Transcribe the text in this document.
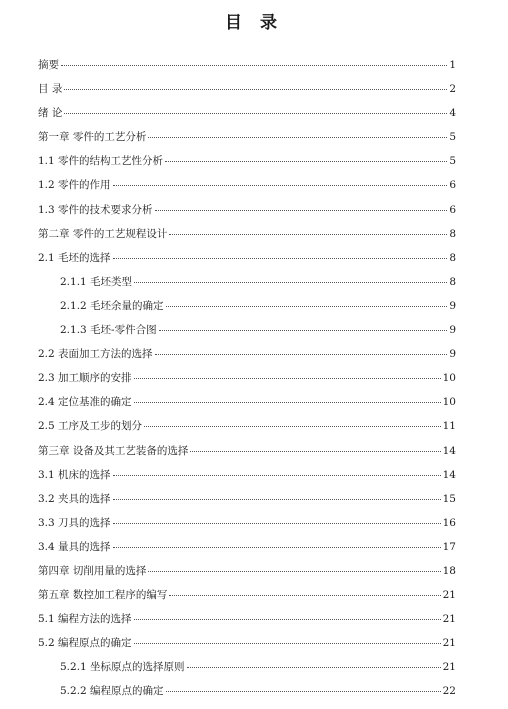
目 录
摘要	1
目 录	2
绪 论	4
第一章 零件的工艺分析	5
1.1 零件的结构工艺性分析	5
1.2 零件的作用	6
1.3 零件的技术要求分析	6
第二章 零件的工艺规程设计	8
2.1 毛坯的选择	8
2.1.1 毛坯类型	8
2.1.2 毛坯余量的确定	9
2.1.3 毛坯-零件合图	9
2.2 表面加工方法的选择	9
2.3 加工顺序的安排	10
2.4 定位基准的确定	10
2.5 工序及工步的划分	11
第三章 设备及其工艺装备的选择	14
3.1 机床的选择	14
3.2 夹具的选择	15
3.3 刀具的选择	16
3.4 量具的选择	17
第四章 切削用量的选择	18
第五章 数控加工程序的编写	21
5.1 编程方法的选择	21
5.2 编程原点的确定	21
5.2.1 坐标原点的选择原则	21
5.2.2 编程原点的确定	22
